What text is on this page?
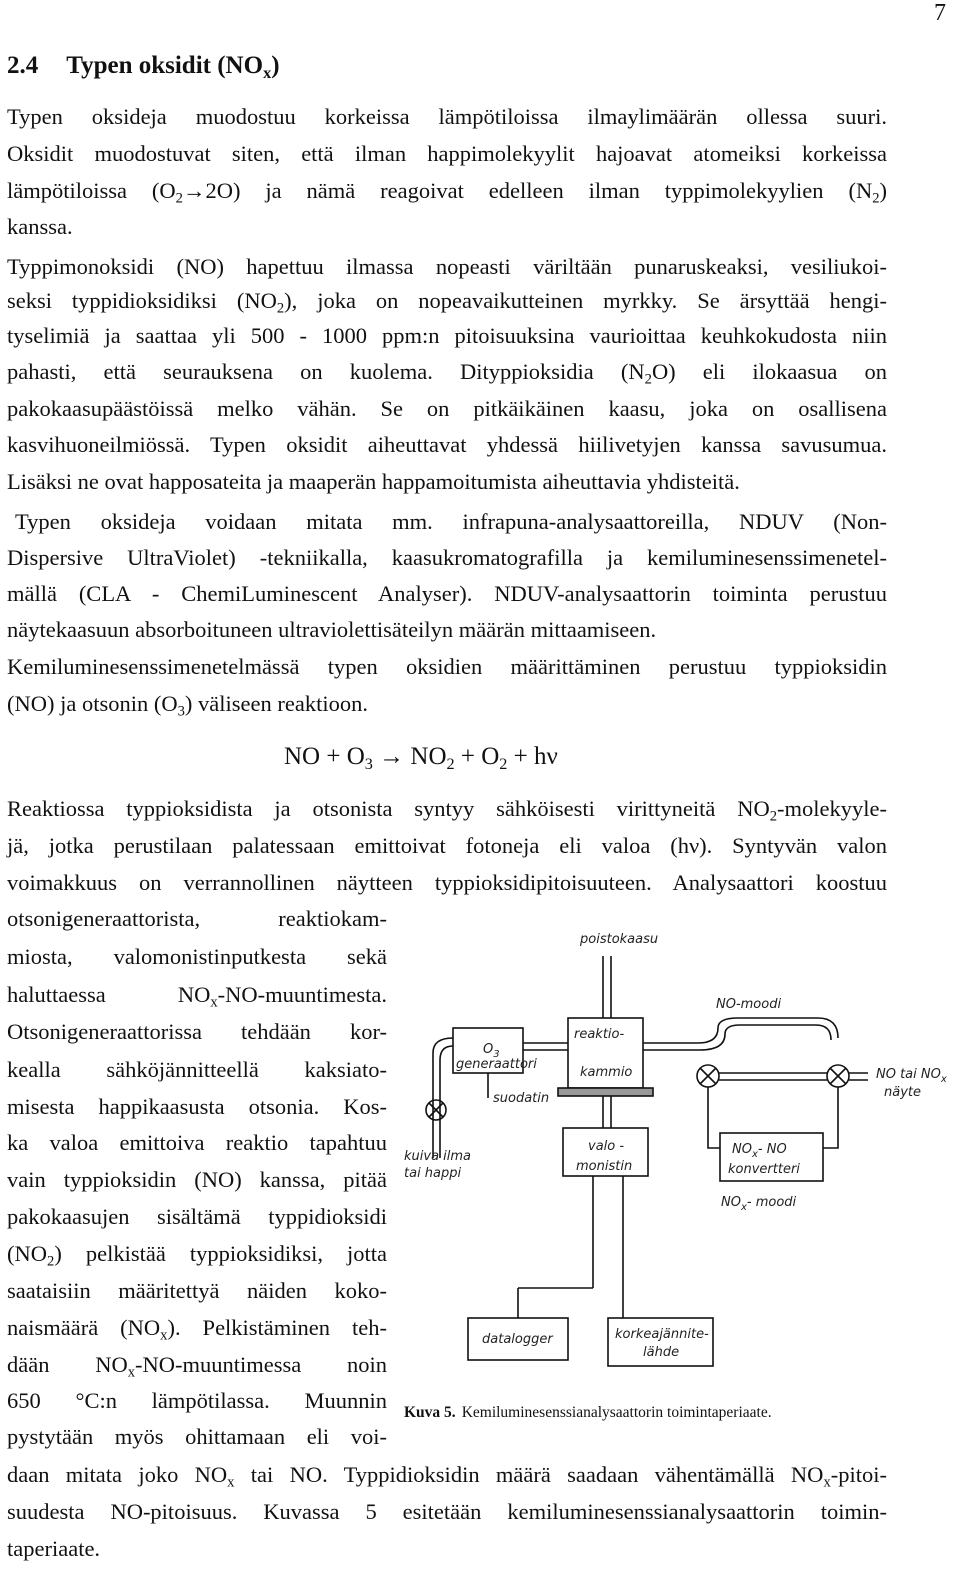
7
2.4 Typen oksidit $(NO_x)$
Typen oksideja muodostuu korkeissa lämpötiloissa ilmaylimäärän ollessa suuri.
Oksidit muodostuvat siten, että ilman happimolekyylit hajoavat atomeiksi korkeissa
lämpötiloissa $(O_2\to 2O)$ ja nämä reagoivat edelleen ilman typpimolekyylien $(N_2)$
kanssa.
Typpimonoksidi (NO) hapettuu ilmassa nopeasti väriltään punaruskeaksi, vesiliukoi-
seksi typpidioksidiksi $(NO_2)$, joka on nopeavaikutteinen myrkky. Se ärsyttää hengi-
tyselimiä ja saattaa yli 500 - 1000 ppm:n pitoisuuksina vaurioittaa keuhkokudosta niin
pahasti, että seurauksena on kuolema. Dityppioksidia $(N_2O)$ eli ilokaasua on
pakokaasupäästöissä melko vähän. Se on pitkäikäinen kaasu, joka on osallisena
kasvihuoneilmiössä. Typen oksidit aiheuttavat yhdessä hiilivetyjen kanssa savusumua.
Lisäksi ne ovat happosateita ja maaperän happamoitumista aiheuttavia yhdisteitä.
Typen oksideja voidaan mitata mm. infrapuna-analysaattoreilla, NDUV (Non-
Dispersive UltraViolet) -tekniikalla, kaasukromatografilla ja kemiluminesenssimenetel-
mällä (CLA - ChemiLuminescent Analyser). NDUV-analysaattorin toiminta perustuu
näytekaasuun absorboituneen ultraviolettisäteilyn määrän mittaamiseen.
Kemiluminesenssimenetelmässä typen oksidien määrittäminen perustuu typpioksidin
(NO) ja otsonin $(O_3)$ väliseen reaktioon.
NO + $O_3 \to NO_2 + O_2 + h\nu$
Reaktiossa typpioksidista ja otsonista syntyy sähköisesti virittyneitä $NO_2-molekyyle-$
jä, jotka perustilaan palatessaan emittoivat fotoneja eli valoa (hν). Syntyvän valon
voimakkuus on verrannollinen näytteen typpioksidipitoisuuteen. Analysaattori koostuu
otsonigeneraattorista, reaktiokam-
miosta, valomonistinputkesta sekä
haluttaessa $NO_x-NO$-muuntimesta.
Otsonigeneraattorissa tehdään kor-
kealla sähköjännitteellä kaksiato-
misesta happikaasusta otsonia. Kos-
ka valoa emittoiva reaktio tapahtuu
vain typpioksidin (NO) kanssa, pitää
pakokaasujen sisältämä typpidioksidi
$(NO_2)$ pelkistää typpioksidiksi, jotta
saataisiin määritettyä näiden koko-
naismäärä $(NO_x)$. Pelkistäminen teh-
dään $NO_x-NO$-muuntimessa noin
650 °C:n lämpötilassa. Muunnin
pystytään myös ohittamaan eli voi-
daan mitata joko $NO_x$ tai NO. Typpidioksidin määrä saadaan vähentämällä $NO_x-pitoi-$
suudesta NO-pitoisuus. Kuvassa 5 esitetään kemiluminesenssianalysaattorin toimin-
taperiaate.
poistokaasu
NO-moodi
$O_3$
generaattori
reaktio-
kammio
suodatin
NO tai $NO_x$
näyte
kuiva ilma
tai happi
valo -
monistin
$NO_x-$ NO
konvertteri
$NO_x-$ moodi
datalogger	korkeajännite-
lähde
Kuva 5. Kemiluminesenssianalysaattorin toimintaperiaate.
